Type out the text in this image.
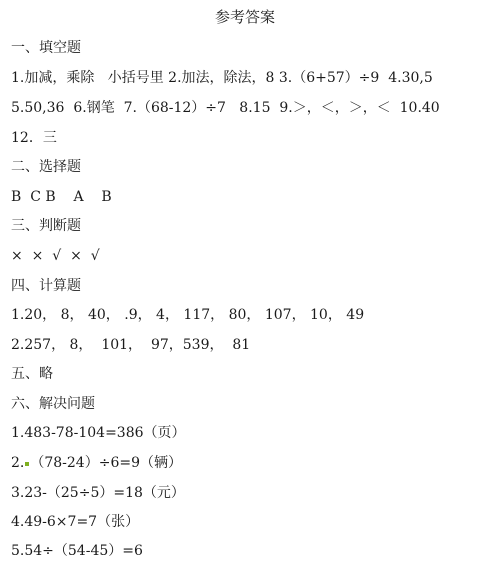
参考答案
一、填空题
1.加减，乘除   小括号里 2.加法，除法，8 3.（6+57）÷9  4.30,5
5.50,36  6.钢笔  7.（68-12）÷7   8.15  9.＞，＜，＞，＜  10.40
12．三
二、选择题
B  C B    A    B
三、判断题
×  ×  √  ×  √
四、计算题
1.20， 8， 40， .9， 4， 117， 80， 107， 10， 49
2.257， 8，  101，  97，539，  81
五、略
六、解决问题
1.483-78-104=386（页）
2. （78-24）÷6=9（辆）
3.23-（25÷5）=18（元）
4.49-6×7=7（张）
5.54÷（54-45）=6
